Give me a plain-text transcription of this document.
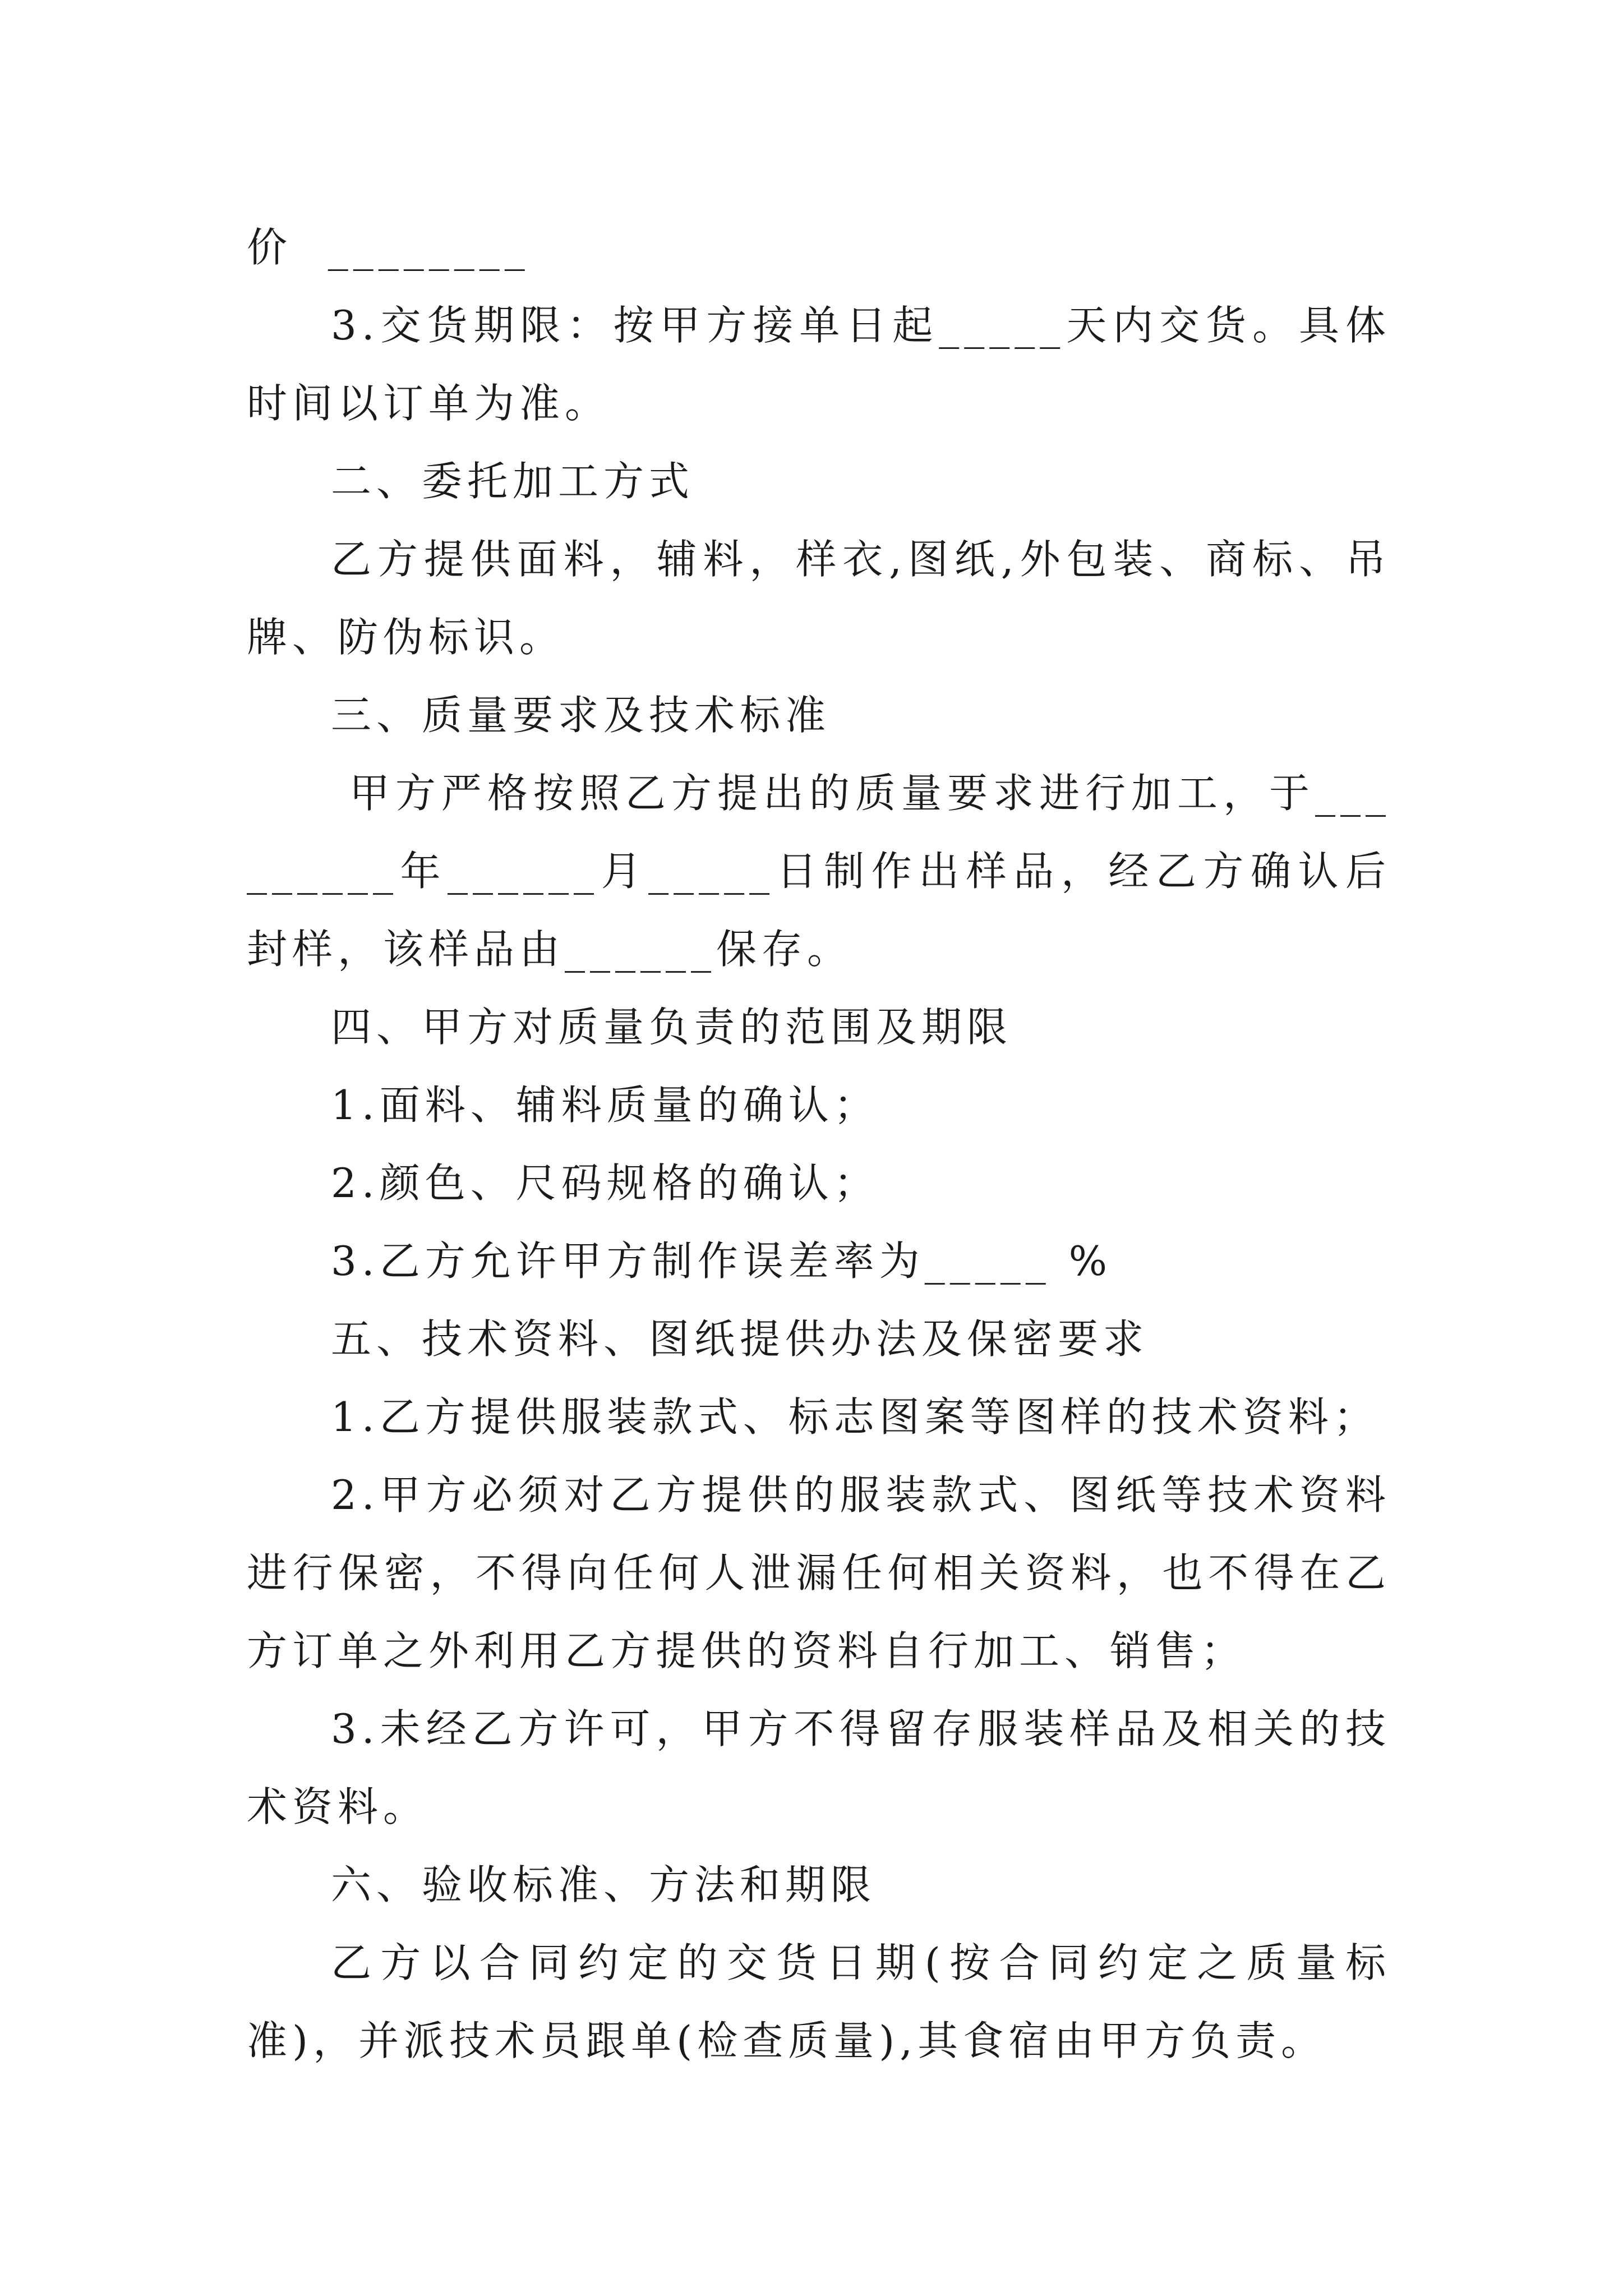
价  ________

3.交货期限：按甲方接单日起_____天内交货。具体时间以订单为准。

二、委托加工方式

乙方提供面料，辅料，样衣,图纸,外包装、商标、吊牌、防伪标识。

三、质量要求及技术标准

甲方严格按照乙方提出的质量要求进行加工，于_________年______月_____日制作出样品，经乙方确认后封样，该样品由______保存。

四、甲方对质量负责的范围及期限

1.面料、辅料质量的确认；

2.颜色、尺码规格的确认；

3.乙方允许甲方制作误差率为_____ %

五、技术资料、图纸提供办法及保密要求

1.乙方提供服装款式、标志图案等图样的技术资料；

2.甲方必须对乙方提供的服装款式、图纸等技术资料进行保密，不得向任何人泄漏任何相关资料，也不得在乙方订单之外利用乙方提供的资料自行加工、销售；

3.未经乙方许可，甲方不得留存服装样品及相关的技术资料。

六、验收标准、方法和期限

乙方以合同约定的交货日期(按合同约定之质量标准)，并派技术员跟单(检查质量),其食宿由甲方负责。
